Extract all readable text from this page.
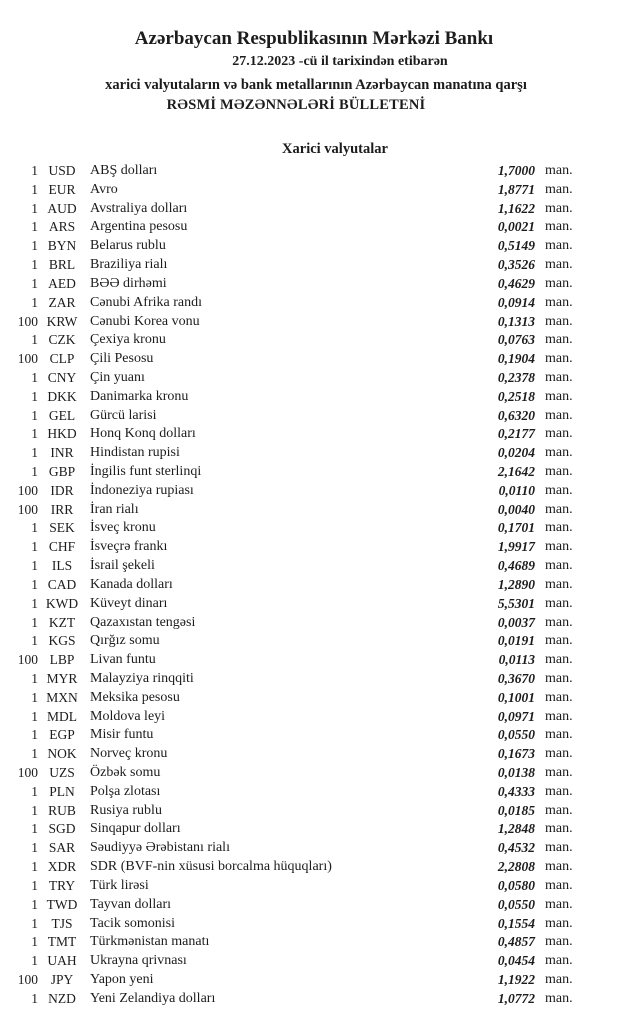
Azərbaycan Respublikasının Mərkəzi Bankı
27.12.2023 -cü il tarixindən etibarən
xarici valyutaların və bank metallarının Azərbaycan manatına qarşı
RƏSMİ MƏZƏNNƏLƏRİ BÜLLETENİ
Xarici valyutalar
1 USD	ABŞ dolları	1,7000 man.
1 EUR	Avro	1,8771 man.
1 AUD Avstraliya dolları	1,1622 man.
1 ARS	Argentina pesosu	0,0021 man.
1 BYN Belarus rublu	0,5149 man.
1 BRL	Braziliya rialı	0,3526 man.
1 AED	BƏƏ dirhəmi	0,4629 man.
1 ZAR	Cənubi Afrika randı	0,0914 man.
100 KRW Cənubi Korea vonu	0,1313 man.
1 CZK	Çexiya kronu	0,0763 man.
100 CLP	Çili Pesosu	0,1904 man.
1 CNY Çin yuanı	0,2378 man.
1 DKK Danimarka kronu	0,2518 man.
1 GEL	Gürcü larisi	0,6320 man.
1 HKD Honq Konq dolları	0,2177 man.
1 INR	Hindistan rupisi	0,0204 man.
1 GBP	İngilis funt sterlinqi	2,1642 man.
100 IDR	İndoneziya rupiası	0,0110 man.
100 IRR	İran rialı	0,0040 man.
1 SEK	İsveç kronu	0,1701 man.
1 CHF	İsveçrə frankı	1,9917 man.
1	ILS	İsrail şekeli	0,4689 man.
1 CAD Kanada dolları	1,2890 man.
1 KWD Küveyt dinarı	5,5301 man.
1 KZT	Qazaxıstan tengəsi	0,0037 man.
1 KGS	Qırğız somu	0,0191 man.
100 LBP	Livan funtu	0,0113 man.
1 MYR Malayziya rinqqiti	0,3670 man.
1 MXN Meksika pesosu	0,1001 man.
1 MDL Moldova leyi	0,0971 man.
1 EGP	Misir funtu	0,0550 man.
1 NOK Norveç kronu	0,1673 man.
100 UZS	Özbək somu	0,0138 man.
1 PLN	Polşa zlotası	0,4333 man.
1 RUB	Rusiya rublu	0,0185 man.
1 SGD	Sinqapur dolları	1,2848 man.
1 SAR	Səudiyyə Ərəbistanı rialı	0,4532 man.
1 XDR SDR (BVF-nin xüsusi borcalma hüquqları)	2,2808 man.
1 TRY	Türk lirəsi	0,0580 man.
1 TWD Tayvan dolları	0,0550 man.
1 TJS	Tacik somonisi	0,1554 man.
1 TMT Türkmənistan manatı	0,4857 man.
1 UAH Ukrayna qrivnası	0,0454 man.
100 JPY	Yapon yeni	1,1922 man.
1 NZD	Yeni Zelandiya dolları	1,0772 man.
